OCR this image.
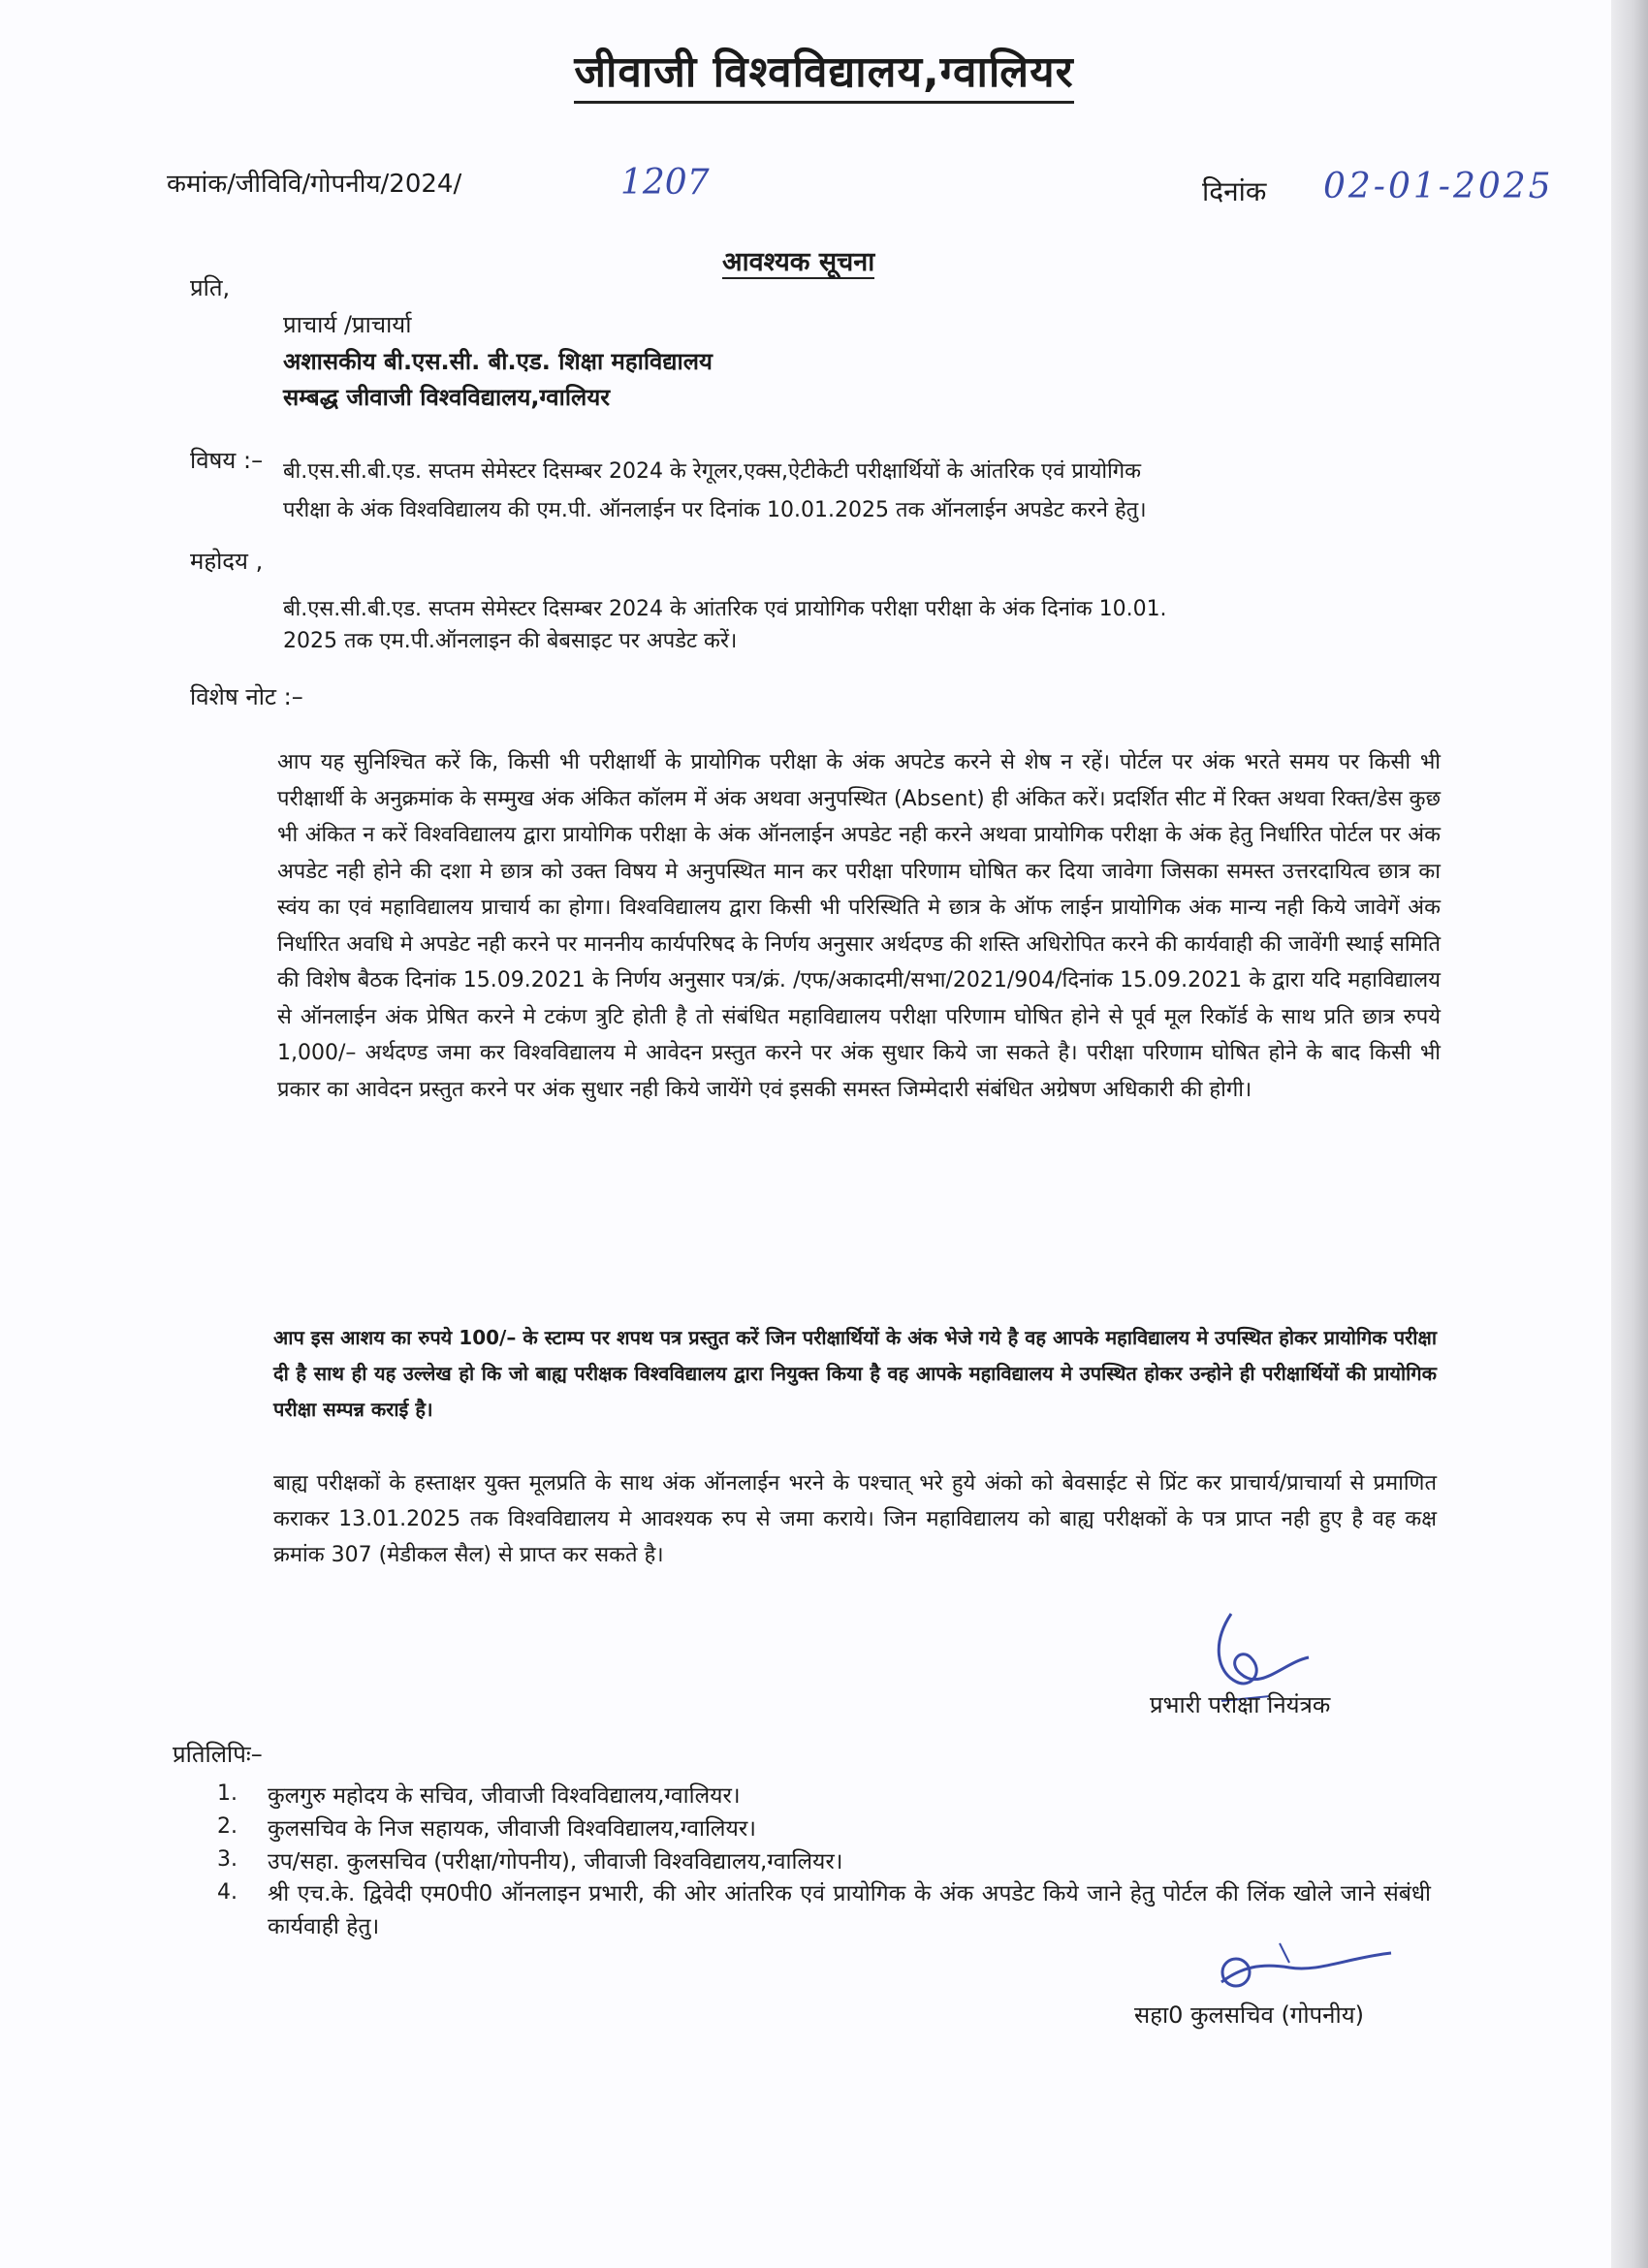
जीवाजी विश्वविद्यालय,ग्वालियर
कमांक/जीविवि/गोपनीय/2024/	1207	दिनांक 02-01-2025
आवश्यक सूचना
प्रति,
प्राचार्य /प्राचार्या
अशासकीय बी.एस.सी. बी.एड. शिक्षा महाविद्यालय
सम्बद्ध जीवाजी विश्वविद्यालय,ग्वालियर
विषय :– बी.एस.सी.बी.एड. सप्तम सेमेस्टर दिसम्बर 2024 के रेगूलर,एक्स,ऐटीकेटी परीक्षार्थियों के आंतरिक एवं प्रायोगिक
परीक्षा के अंक विश्वविद्यालय की एम.पी. ऑनलाईन पर दिनांक 10.01.2025 तक ऑनलाईन अपडेट करने हेतु।
महोदय ,
बी.एस.सी.बी.एड. सप्तम सेमेस्टर दिसम्बर 2024 के आंतरिक एवं प्रायोगिक परीक्षा परीक्षा के अंक दिनांक 10.01.
2025 तक एम.पी.ऑनलाइन की बेबसाइट पर अपडेट करें।
विशेष नोट :–
आप यह सुनिश्चित करें कि, किसी भी परीक्षार्थी के प्रायोगिक परीक्षा के अंक अपटेड करने से शेष न रहें। पोर्टल पर अंक भरते समय पर किसी भी परीक्षार्थी के अनुक्रमांक के सम्मुख अंक अंकित कॉलम में अंक अथवा अनुपस्थित (Absent) ही अंकित करें। प्रदर्शित सीट में रिक्त अथवा रिक्त/डेस कुछ भी अंकित न करें विश्वविद्यालय द्वारा प्रायोगिक परीक्षा के अंक ऑनलाईन अपडेट नही करने अथवा प्रायोगिक परीक्षा के अंक हेतु निर्धारित पोर्टल पर अंक अपडेट नही होने की दशा मे छात्र को उक्त विषय मे अनुपस्थित मान कर परीक्षा परिणाम घोषित कर दिया जावेगा जिसका समस्त उत्तरदायित्व छात्र का स्वंय का एवं महाविद्यालय प्राचार्य का होगा। विश्वविद्यालय द्वारा किसी भी परिस्थिति मे छात्र के ऑफ लाईन प्रायोगिक अंक मान्य नही किये जावेगें अंक निर्धारित अवधि मे अपडेट नही करने पर माननीय कार्यपरिषद के निर्णय अनुसार अर्थदण्ड की शस्ति अधिरोपित करने की कार्यवाही की जावेंगी स्थाई समिति की विशेष बैठक दिनांक 15.09.2021 के निर्णय अनुसार पत्र/क्रं. /एफ/अकादमी/सभा/2021/904/दिनांक 15.09.2021 के द्वारा यदि महाविद्यालय से ऑनलाईन अंक प्रेषित करने मे टकंण त्रुटि होती है तो संबंधित महाविद्यालय परीक्षा परिणाम घोषित होने से पूर्व मूल रिकॉर्ड के साथ प्रति छात्र रुपये 1,000/– अर्थदण्ड जमा कर विश्वविद्यालय मे आवेदन प्रस्तुत करने पर अंक सुधार किये जा सकते है। परीक्षा परिणाम घोषित होने के बाद किसी भी प्रकार का आवेदन प्रस्तुत करने पर अंक सुधार नही किये जायेंगे एवं इसकी समस्त जिम्मेदारी संबंधित अग्रेषण अधिकारी की होगी।
आप इस आशय का रुपये 100/– के स्टाम्प पर शपथ पत्र प्रस्तुत करें जिन परीक्षार्थियों के अंक भेजे गये है वह आपके महाविद्यालय मे उपस्थित होकर प्रायोगिक परीक्षा दी है साथ ही यह उल्लेख हो कि जो बाह्य परीक्षक विश्वविद्यालय द्वारा नियुक्त किया है वह आपके महाविद्यालय मे उपस्थित होकर उन्होने ही परीक्षार्थियों की प्रायोगिक परीक्षा सम्पन्न कराई है।
बाह्य परीक्षकों के हस्ताक्षर युक्त मूलप्रति के साथ अंक ऑनलाईन भरने के पश्चात् भरे हुये अंको को बेवसाईट से प्रिंट कर प्राचार्य/प्राचार्या से प्रमाणित कराकर 13.01.2025 तक विश्वविद्यालय मे आवश्यक रुप से जमा कराये। जिन महाविद्यालय को बाह्य परीक्षकों के पत्र प्राप्त नही हुए है वह कक्ष क्रमांक 307 (मेडीकल सैल) से प्राप्त कर सकते है।
प्रभारी परीक्षा नियंत्रक
प्रतिलिपिः–
1. कुलगुरु महोदय के सचिव, जीवाजी विश्वविद्यालय,ग्वालियर।
2. कुलसचिव के निज सहायक, जीवाजी विश्वविद्यालय,ग्वालियर।
3. उप/सहा. कुलसचिव (परीक्षा/गोपनीय), जीवाजी विश्वविद्यालय,ग्वालियर।
4. श्री एच.के. द्विवेदी एम0पी0 ऑनलाइन प्रभारी, की ओर आंतरिक एवं प्रायोगिक के अंक अपडेट किये जाने हेतु पोर्टल की लिंक खोले जाने संबंधी कार्यवाही हेतु।
सहा0 कुलसचिव (गोपनीय)
